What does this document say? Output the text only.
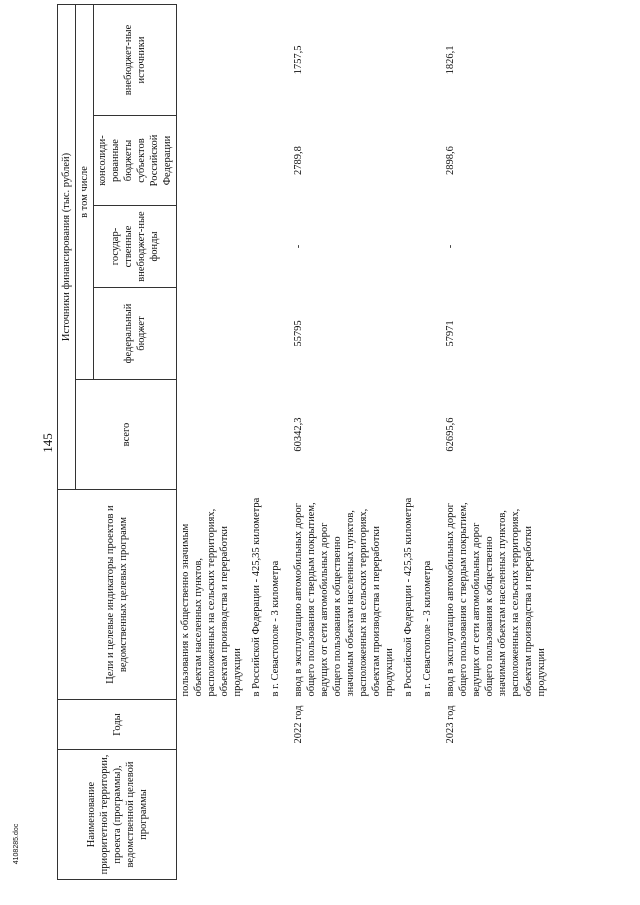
145
4108285.doc	Наименование приоритетной территории, проекта (программы), ведомственной целевой программы	Годы	Цели и целевые индикаторы проектов и ведомственных целевых программ	Источники финансирования (тыс. рублей)				
			всего	в том числе			
				федеральный бюджет	государ-ственные внебюджет-ные фонды	консолиди-рованные бюджеты субъектов Российской Федерации	внебюджет-ные источники

		пользования к общественно значимым объектам населенных пунктов, расположенных на сельских территориях, объектам производства и переработки продукции в Российской Федерации - 425,35 километра в г. Севастополе - 3 километра					

	2022 год	ввод в эксплуатацию автомобильных дорог общего пользования с твердым покрытием, ведущих от сети автомобильных дорог общего пользования к общественно значимым объектам населенных пунктов, расположенных на сельских территориях, объектам производства и переработки продукции в Российской Федерации - 425,35 километра в г. Севастополе - 3 километра	60342,3	55795	-	2789,8	1757,5
	2023 год	ввод в эксплуатацию автомобильных дорог общего пользования с твердым покрытием, ведущих от сети автомобильных дорог общего пользования к общественно значимым объектам населенных пунктов, расположенных на сельских территориях, объектам производства и переработки продукции	62695,6	57971	-	2898,6	1826,1
